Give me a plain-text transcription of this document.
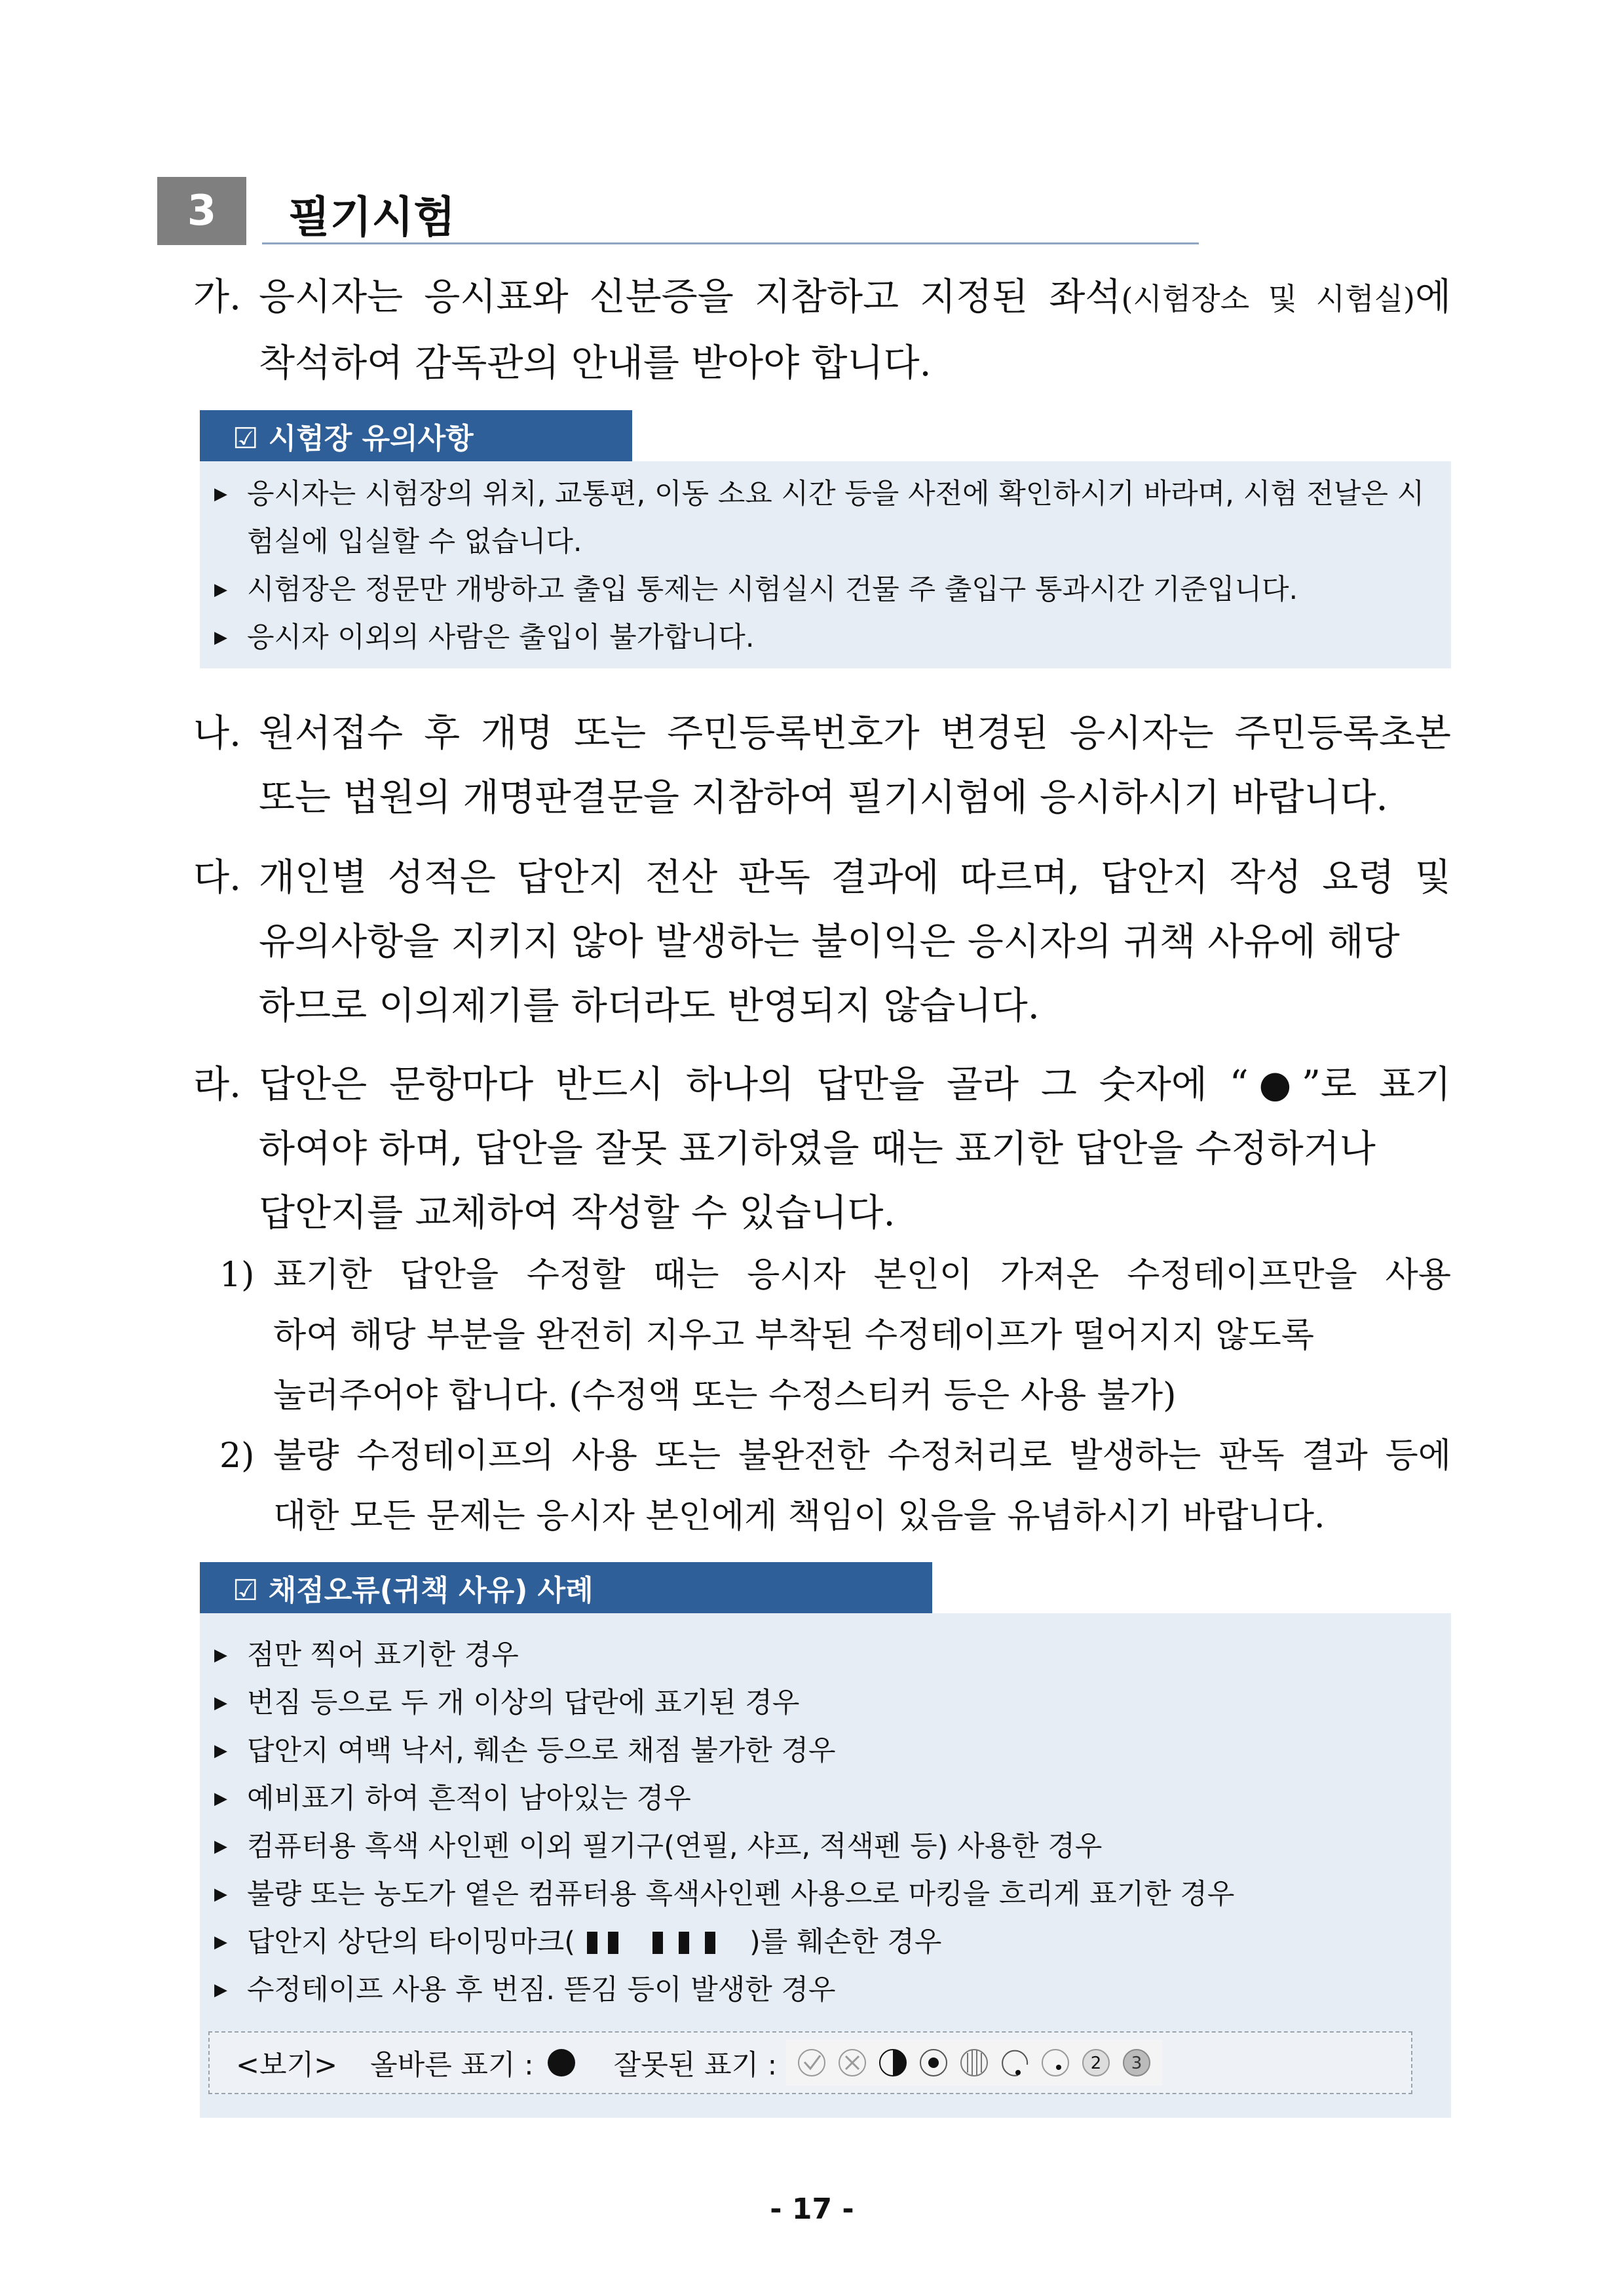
3	필기시험
가. 응시자는 응시표와 신분증을 지참하고 지정된 좌석(시험장소 및 시험실)에
착석하여 감독관의 안내를 받아야 합니다.
☑ 시험장 유의사항
▶ 응시자는 시험장의 위치, 교통편, 이동 소요 시간 등을 사전에 확인하시기 바라며, 시험 전날은 시험실에 입실할 수 없습니다.
▶ 시험장은 정문만 개방하고 출입 통제는 시험실시 건물 주 출입구 통과시간 기준입니다.
▶ 응시자 이외의 사람은 출입이 불가합니다.
나. 원서접수 후 개명 또는 주민등록번호가 변경된 응시자는 주민등록초본
또는 법원의 개명판결문을 지참하여 필기시험에 응시하시기 바랍니다.
다. 개인별 성적은 답안지 전산 판독 결과에 따르며, 답안지 작성 요령 및
유의사항을 지키지 않아 발생하는 불이익은 응시자의 귀책 사유에 해당
하므로 이의제기를 하더라도 반영되지 않습니다.
라. 답안은 문항마다 반드시 하나의 답만을 골라 그 숫자에 “●”로 표기
하여야 하며, 답안을 잘못 표기하였을 때는 표기한 답안을 수정하거나
답안지를 교체하여 작성할 수 있습니다.
1) 표기한 답안을 수정할 때는 응시자 본인이 가져온 수정테이프만을 사용
하여 해당 부분을 완전히 지우고 부착된 수정테이프가 떨어지지 않도록
눌러주어야 합니다. (수정액 또는 수정스티커 등은 사용 불가)
2) 불량 수정테이프의 사용 또는 불완전한 수정처리로 발생하는 판독 결과 등에
대한 모든 문제는 응시자 본인에게 책임이 있음을 유념하시기 바랍니다.
☑ 채점오류(귀책 사유) 사례
▶ 점만 찍어 표기한 경우
▶ 번짐 등으로 두 개 이상의 답란에 표기된 경우
▶ 답안지 여백 낙서, 훼손 등으로 채점 불가한 경우
▶ 예비표기 하여 흔적이 남아있는 경우
▶ 컴퓨터용 흑색 사인펜 이외 필기구(연필, 샤프, 적색펜 등) 사용한 경우
▶ 불량 또는 농도가 옅은 컴퓨터용 흑색사인펜 사용으로 마킹을 흐리게 표기한 경우
▶ 답안지 상단의 타이밍마크(	)를 훼손한 경우
▶ 수정테이프 사용 후 번짐. 뜯김 등이 발생한 경우
<보기> 올바른 표기 :	잘못된 표기 :	2 3
- 17 -
